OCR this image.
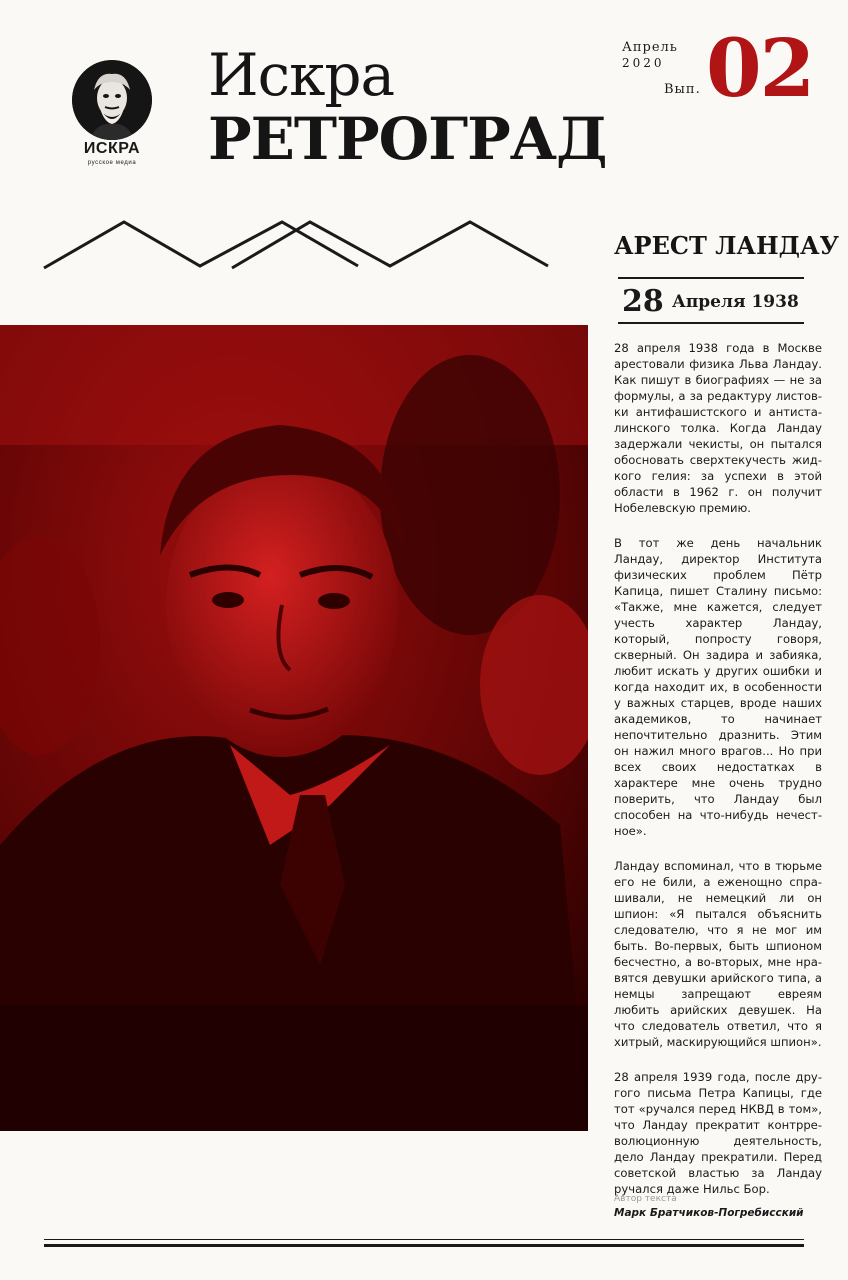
ИСКРА
русское медиа
Искра
РЕТРОГРАД
Апрель
2020
Вып. 02
АРЕСТ ЛАНДАУ
28 Апреля 1938

28 апреля 1938 года в Москве арестовали физика Льва Ландау. Как пишут в биографиях — не за формулы, а за редактуру листовки антифашистского и антисталинского толка. Когда Ландау задержали чекисты, он пытался обосновать сверхтекучесть жидкого гелия: за успехи в этой области в 1962 г. он получит Нобелевскую премию.

В тот же день начальник Ландау, директор Института физических проблем Пётр Капица, пишет Сталину письмо: «Также, мне кажется, следует учесть характер Ландау, который, попросту говоря, скверный. Он задира и забияка, любит искать у других ошибки и когда находит их, в особенности у важных старцев, вроде наших академиков, то начинает непочтительно дразнить. Этим он нажил много врагов... Но при всех своих недостатках в характере мне очень трудно поверить, что Ландау был способен на что-нибудь нечестное».

Ландау вспоминал, что в тюрьме его не били, а еженощно спрашивали, не немецкий ли он шпион: «Я пытался объяснить следователю, что я не мог им быть. Во-первых, быть шпионом бесчестно, а во-вторых, мне нравятся девушки арийского типа, а немцы запрещают евреям любить арийских девушек. На что следователь ответил, что я хитрый, маскирующийся шпион».

28 апреля 1939 года, после другого письма Петра Капицы, где тот «ручался перед НКВД в том», что Ландау прекратит контрреволюционную деятельность, дело Ландау прекратили. Перед советской властью за Ландау ручался даже Нильс Бор.

Автор текста
Марк Братчиков-Погребисский
